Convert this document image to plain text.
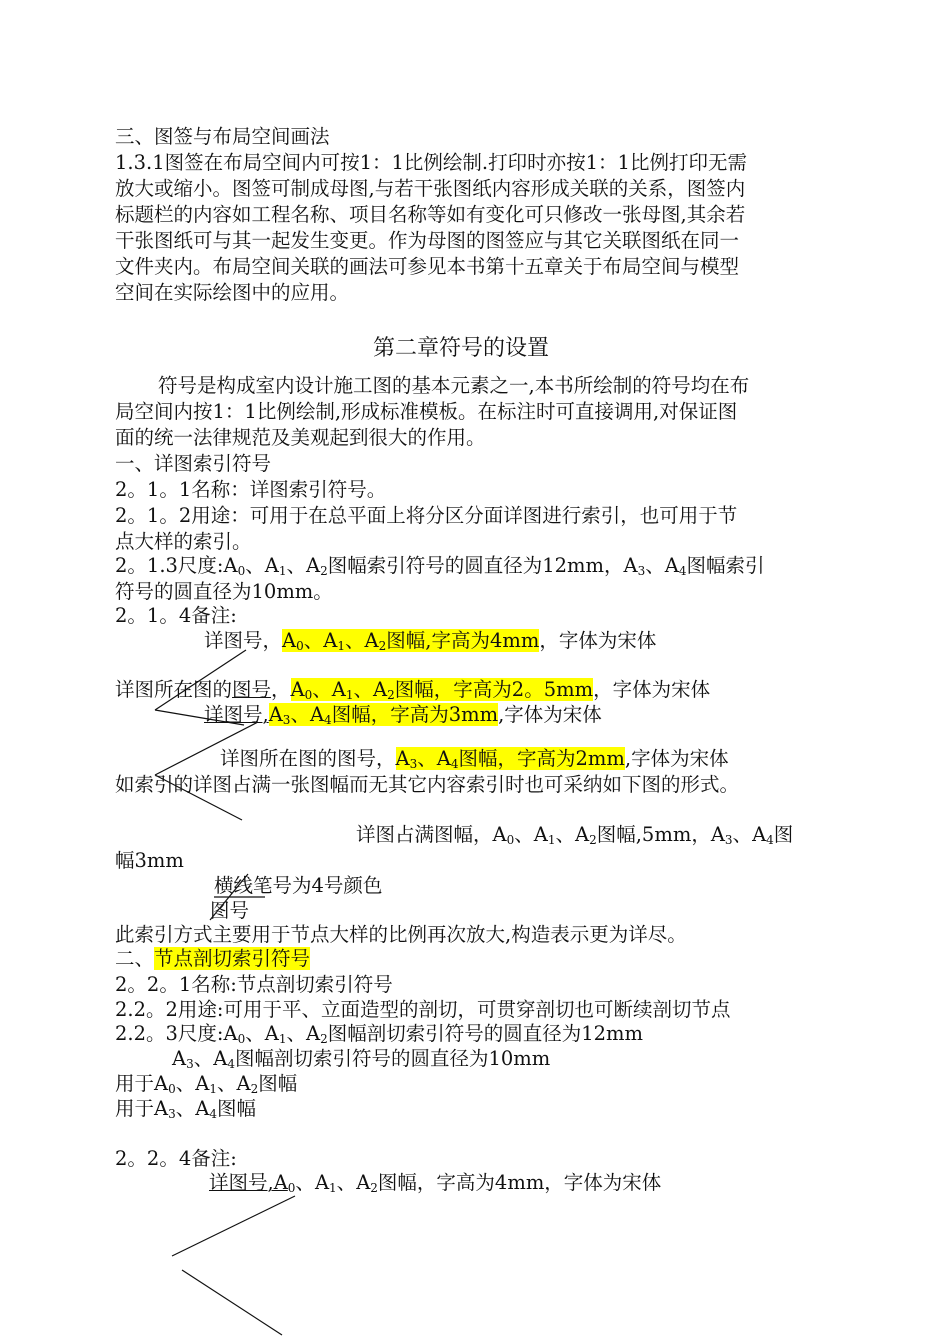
三、图签与布局空间画法
1.3.1图签在布局空间内可按1：1比例绘制.打印时亦按1：1比例打印无需
放大或缩小。图签可制成母图,与若干张图纸内容形成关联的关系，图签内
标题栏的内容如工程名称、项目名称等如有变化可只修改一张母图,其余若
干张图纸可与其一起发生变更。作为母图的图签应与其它关联图纸在同一
文件夹内。布局空间关联的画法可参见本书第十五章关于布局空间与模型
空间在实际绘图中的应用。
第二章符号的设置
符号是构成室内设计施工图的基本元素之一,本书所绘制的符号均在布
局空间内按1：1比例绘制,形成标准模板。在标注时可直接调用,对保证图
面的统一法律规范及美观起到很大的作用。
一、详图索引符号
2。1。1名称：详图索引符号。
2。1。2用途：可用于在总平面上将分区分面详图进行索引，也可用于节
点大样的索引。
2。1.3尺度$:A_0$、$A_1$、$A_2$图幅索引符号的圆直径为12mm，$A_3$、$A_4$图幅索引
符号的圆直径为10mm。
2。1。4备注:
详图号，$A_0$、$A_1$、$A_2$图幅,字高为4mm，字体为宋体
详图所在图的图号，$A_0$、$A_1$、$A_2$图幅，字高为2。5mm，字体为宋体
详图号$,A_3$、$A_4$图幅，字高为3mm,字体为宋体
详图所在图的图号，$A_3$、$A_4$图幅，字高为2mm,字体为宋体
如索引的详图占满一张图幅而无其它内容索引时也可采纳如下图的形式。
详图占满图幅，$A_0$、$A_1$、$A_2$图幅,5mm，$A_3$、$A_4$图
幅3mm
横线笔号为4号颜色
图号
此索引方式主要用于节点大样的比例再次放大,构造表示更为详尽。
二、节点剖切索引符号
2。2。1名称:节点剖切索引符号
2.2。2用途:可用于平、立面造型的剖切，可贯穿剖切也可断续剖切节点
2.2。3尺度$:A_0$、$A_1$、$A_2$图幅剖切索引符号的圆直径为12mm
$A_3$、$A_4$图幅剖切索引符号的圆直径为10mm
用于$A_0$、$A_1$、$A_2$图幅
用于$A_3$、$A_4$图幅
2。2。4备注:
详图号$,A_0$、$A_1$、$A_2$图幅，字高为4mm，字体为宋体
